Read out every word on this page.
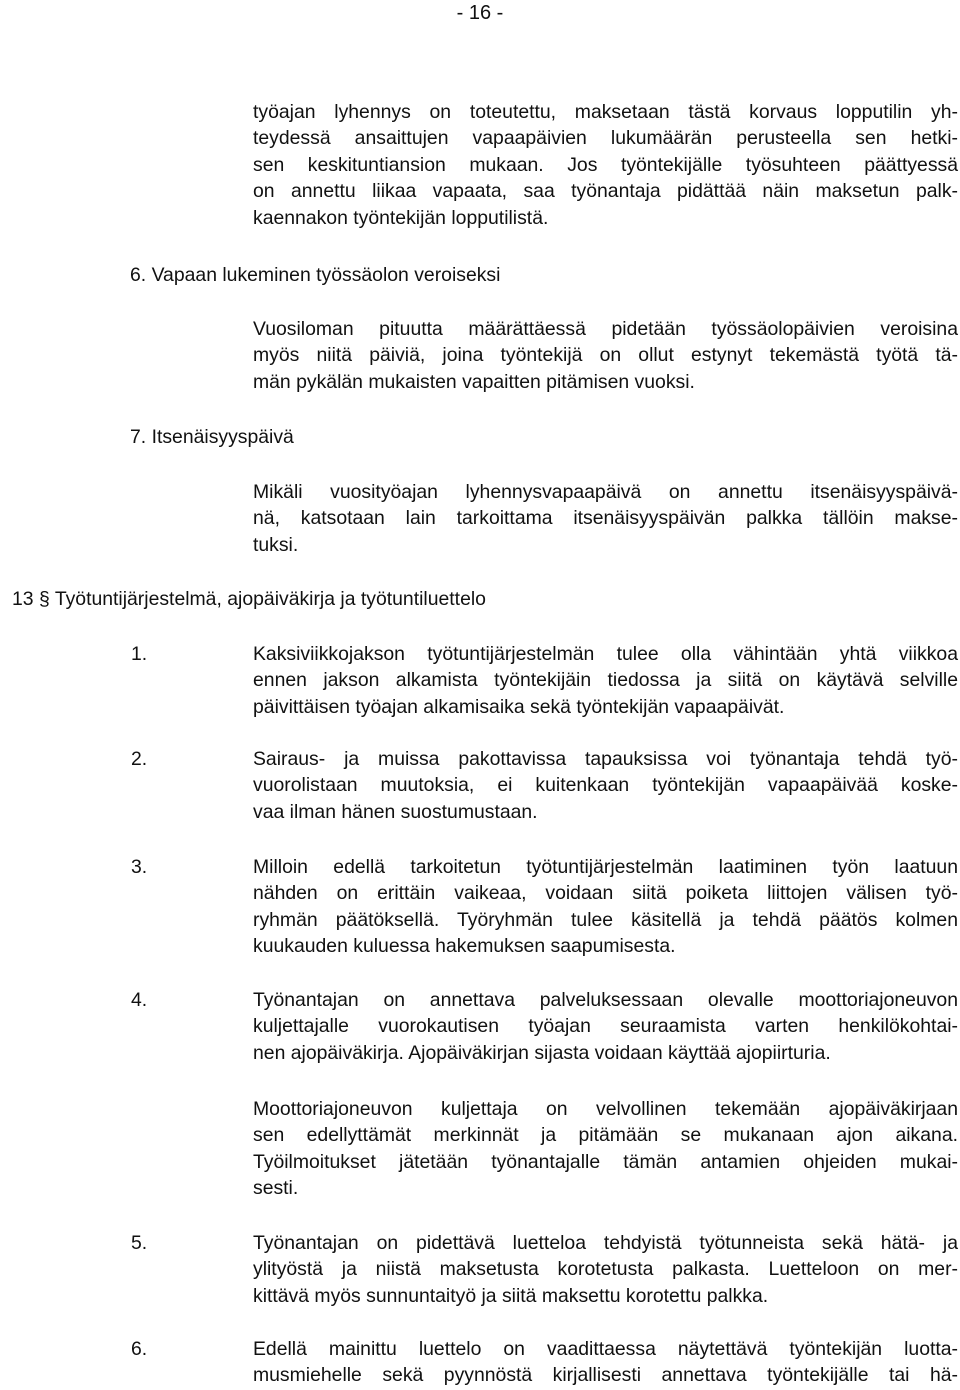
- 16 -
työajan lyhennys on toteutettu, maksetaan tästä korvaus lopputilin yh-
teydessä ansaittujen vapaapäivien lukumäärän perusteella sen hetki-
sen keskituntiansion mukaan. Jos työntekijälle työsuhteen päättyessä
on annettu liikaa vapaata, saa työnantaja pidättää näin maksetun palk-
kaennakon työntekijän lopputilistä.
6. Vapaan lukeminen työssäolon veroiseksi
Vuosiloman pituutta määrättäessä pidetään työssäolopäivien veroisina
myös niitä päiviä, joina työntekijä on ollut estynyt tekemästä työtä tä-
män pykälän mukaisten vapaitten pitämisen vuoksi.
7. Itsenäisyyspäivä
Mikäli vuosityöajan lyhennysvapaapäivä on annettu itsenäisyyspäivä-
nä, katsotaan lain tarkoittama itsenäisyyspäivän palkka tällöin makse-
tuksi.
13 § Työtuntijärjestelmä, ajopäiväkirja ja työtuntiluettelo
1.	Kaksiviikkojakson työtuntijärjestelmän tulee olla vähintään yhtä viikkoa
ennen jakson alkamista työntekijäin tiedossa ja siitä on käytävä selville
päivittäisen työajan alkamisaika sekä työntekijän vapaapäivät.
2.	Sairaus- ja muissa pakottavissa tapauksissa voi työnantaja tehdä työ-
vuorolistaan muutoksia, ei kuitenkaan työntekijän vapaapäivää koske-
vaa ilman hänen suostumustaan.
3.	Milloin edellä tarkoitetun työtuntijärjestelmän laatiminen työn laatuun
nähden on erittäin vaikeaa, voidaan siitä poiketa liittojen välisen työ-
ryhmän päätöksellä. Työryhmän tulee käsitellä ja tehdä päätös kolmen
kuukauden kuluessa hakemuksen saapumisesta.
4.	Työnantajan on annettava palveluksessaan olevalle moottoriajoneuvon
kuljettajalle vuorokautisen työajan seuraamista varten henkilökohtai-
nen ajopäiväkirja. Ajopäiväkirjan sijasta voidaan käyttää ajopiirturia.
Moottoriajoneuvon kuljettaja on velvollinen tekemään ajopäiväkirjaan
sen edellyttämät merkinnät ja pitämään se mukanaan ajon aikana.
Työilmoitukset jätetään työnantajalle tämän antamien ohjeiden mukai-
sesti.
5.	Työnantajan on pidettävä luetteloa tehdyistä työtunneista sekä hätä- ja
ylityöstä ja niistä maksetusta korotetusta palkasta. Luetteloon on mer-
kittävä myös sunnuntaityö ja siitä maksettu korotettu palkka.
6.	Edellä mainittu luettelo on vaadittaessa näytettävä työntekijän luotta-
musmiehelle sekä pyynnöstä kirjallisesti annettava työntekijälle tai hä-
